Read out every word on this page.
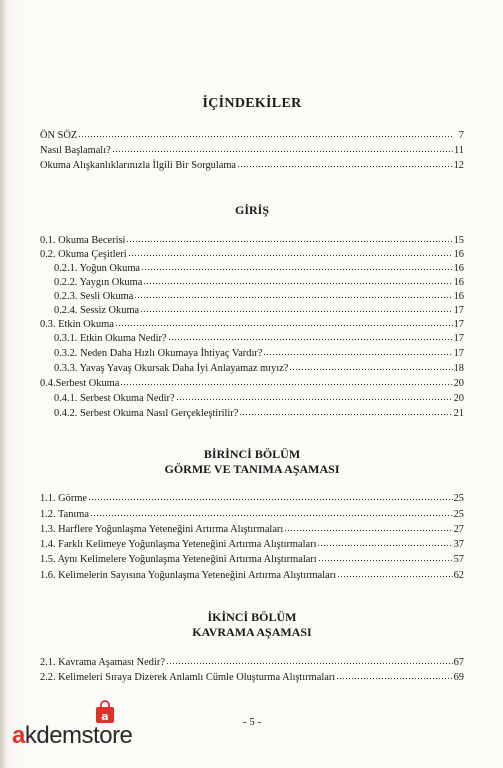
İÇİNDEKİLER
ÖN SÖZ	7
Nasıl Başlamalı?	11
Okuma Alışkanlıklarınızla İlgili Bir Sorgulama	12
GİRİŞ
0.1. Okuma Becerisi	15
0.2. Okuma Çeşitleri	16
0.2.1. Yoğun Okuma	16
0.2.2. Yaygın Okuma	16
0.2.3. Sesli Okuma	16
0.2.4. Sessiz Okuma	17
0.3. Etkin Okuma	17
0.3.1. Etkin Okuma Nedir?	17
0.3.2. Neden Daha Hızlı Okumaya İhtiyaç Vardır?	17
0.3.3. Yavaş Yavaş Okursak Daha İyi Anlayamaz mıyız?	18
0.4.Serbest Okuma	20
0.4.1. Serbest Okuma Nedir?	20
0.4.2. Serbest Okuma Nasıl Gerçekleştirilir?	21
BİRİNCİ BÖLÜM
GÖRME VE TANIMA AŞAMASI
1.1. Görme	25
1.2. Tanıma	25
1.3. Harflere Yoğunlaşma Yeteneğini Artırma Alıştırmaları	27
1.4. Farklı Kelimeye Yoğunlaşma Yeteneğini Artırma Alıştırmaları	37
1.5. Aynı Kelimelere Yoğunlaşma Yeteneğini Artırma Alıştırmaları	57
1.6. Kelimelerin Sayısına Yoğunlaşma Yeteneğini Artırma Alıştırmaları	62
İKİNCİ BÖLÜM
KAVRAMA AŞAMASI
2.1. Kavrama Aşaması Nedir?	67
2.2. Kelimeleri Sıraya Dizerek Anlamlı Cümle Oluşturma Alıştırmaları	69
- 5 -
a
akdemstore
